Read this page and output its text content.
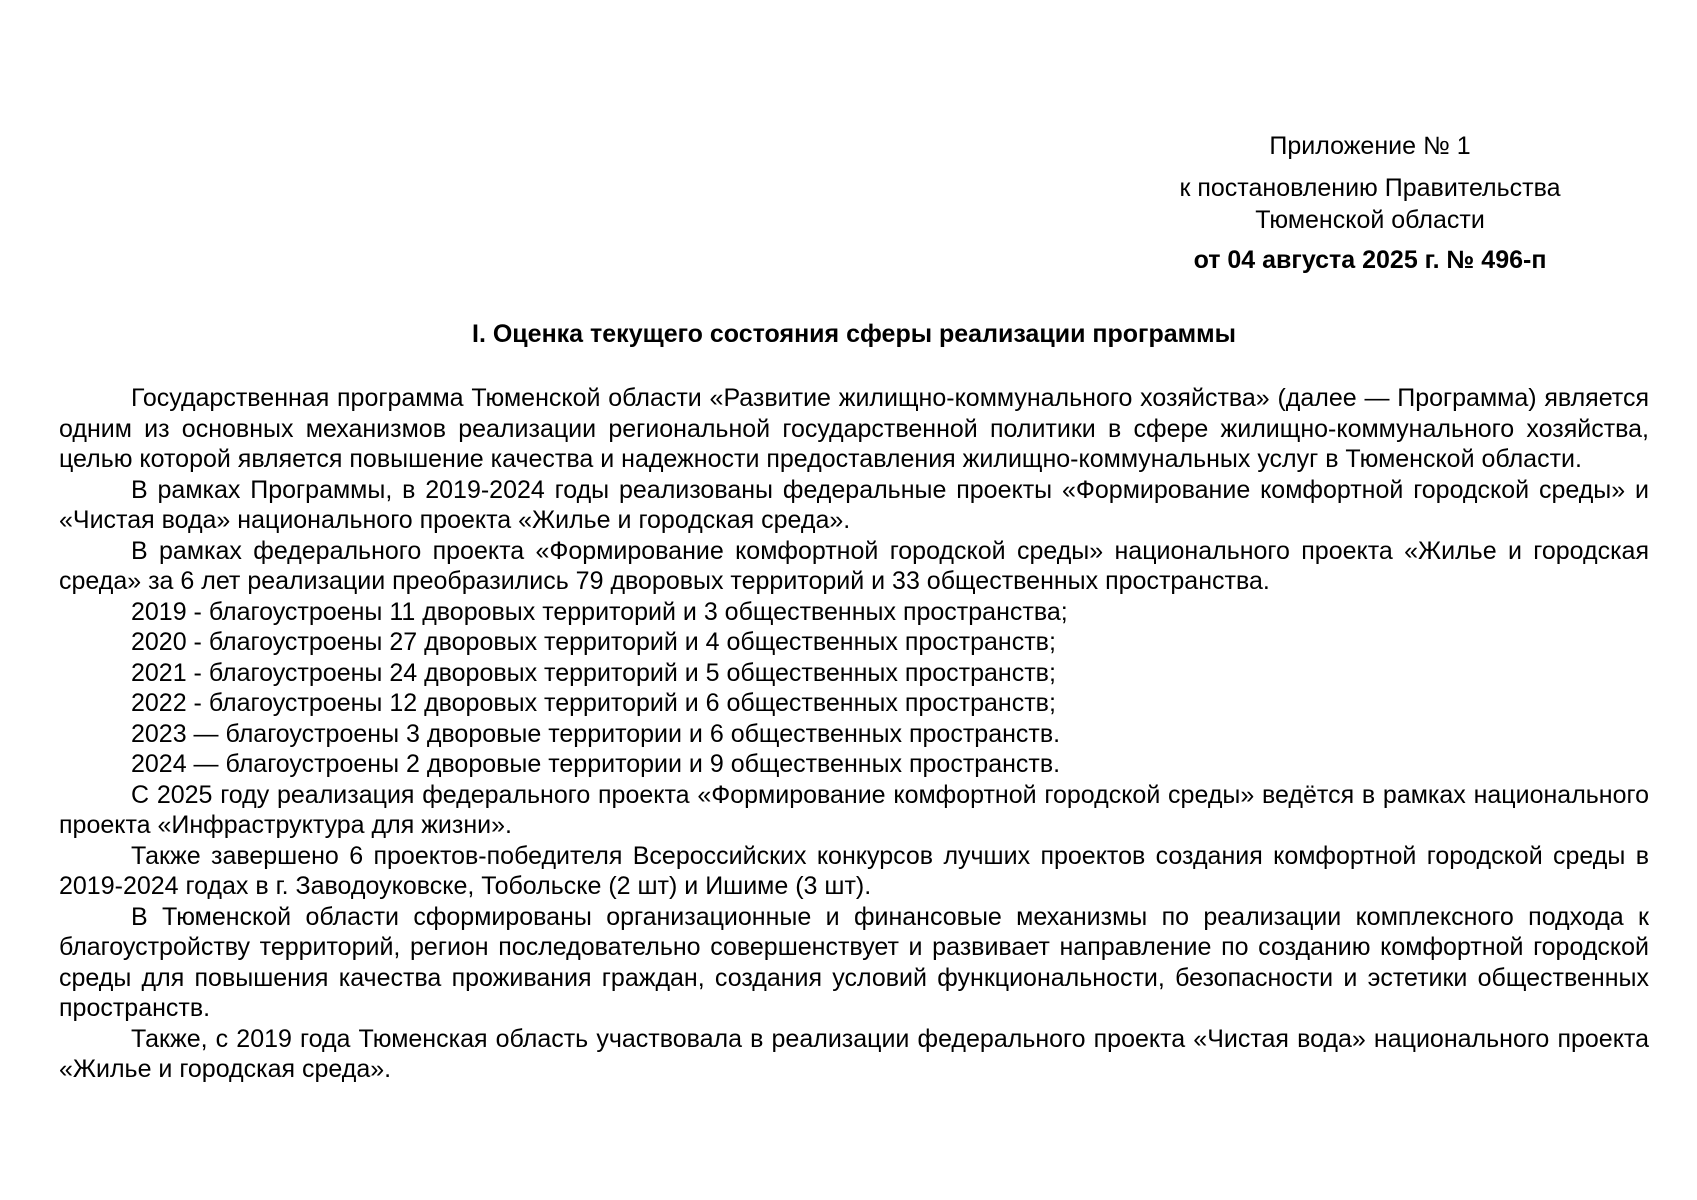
Приложение № 1
к постановлению Правительства
Тюменской области
от 04 августа 2025 г. № 496-п
I. Оценка текущего состояния сферы реализации программы

Государственная программа Тюменской области «Развитие жилищно-коммунального хозяйства» (далее — Программа) является одним из основных механизмов реализации региональной государственной политики в сфере жилищно-коммунального хозяйства, целью которой является повышение качества и надежности предоставления жилищно-коммунальных услуг в Тюменской области.

В рамках Программы, в 2019-2024 годы реализованы федеральные проекты «Формирование комфортной городской среды» и «Чистая вода» национального проекта «Жилье и городская среда».

В рамках федерального проекта «Формирование комфортной городской среды» национального проекта «Жилье и городская среда» за 6 лет реализации преобразились 79 дворовых территорий и 33 общественных пространства.

2019 - благоустроены 11 дворовых территорий и 3 общественных пространства;

2020 - благоустроены 27 дворовых территорий и 4 общественных пространств;

2021 - благоустроены 24 дворовых территорий и 5 общественных пространств;

2022 - благоустроены 12 дворовых территорий и 6 общественных пространств;

2023 — благоустроены 3 дворовые территории и 6 общественных пространств.

2024 — благоустроены 2 дворовые территории и 9 общественных пространств.

С 2025 году реализация федерального проекта «Формирование комфортной городской среды» ведётся в рамках национального проекта «Инфраструктура для жизни».

Также завершено 6 проектов-победителя Всероссийских конкурсов лучших проектов создания комфортной городской среды в 2019-2024 годах в г. Заводоуковске, Тобольске (2 шт) и Ишиме (3 шт).

В Тюменской области сформированы организационные и финансовые механизмы по реализации комплексного подхода к благоустройству территорий, регион последовательно совершенствует и развивает направление по созданию комфортной городской среды для повышения качества проживания граждан, создания условий функциональности, безопасности и эстетики общественных пространств.

Также, с 2019 года Тюменская область участвовала в реализации федерального проекта «Чистая вода» национального проекта «Жилье и городская среда».
